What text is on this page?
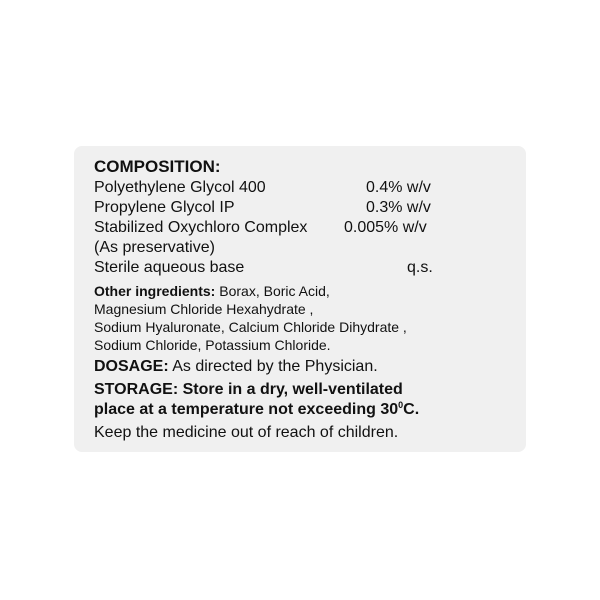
COMPOSITION:
Polyethylene Glycol 400	0.4% w/v
Propylene Glycol IP	0.3% w/v
Stabilized Oxychloro Complex 0.005% w/v
(As preservative)
Sterile aqueous base	q.s.
Other ingredients: Borax, Boric Acid,
Magnesium Chloride Hexahydrate ,
Sodium Hyaluronate, Calcium Chloride Dihydrate ,
Sodium Chloride, Potassium Chloride.
DOSAGE: As directed by the Physician.
STORAGE: Store in a dry, well-ventilated
place at a temperature not exceeding $30^0C$.
Keep the medicine out of reach of children.
